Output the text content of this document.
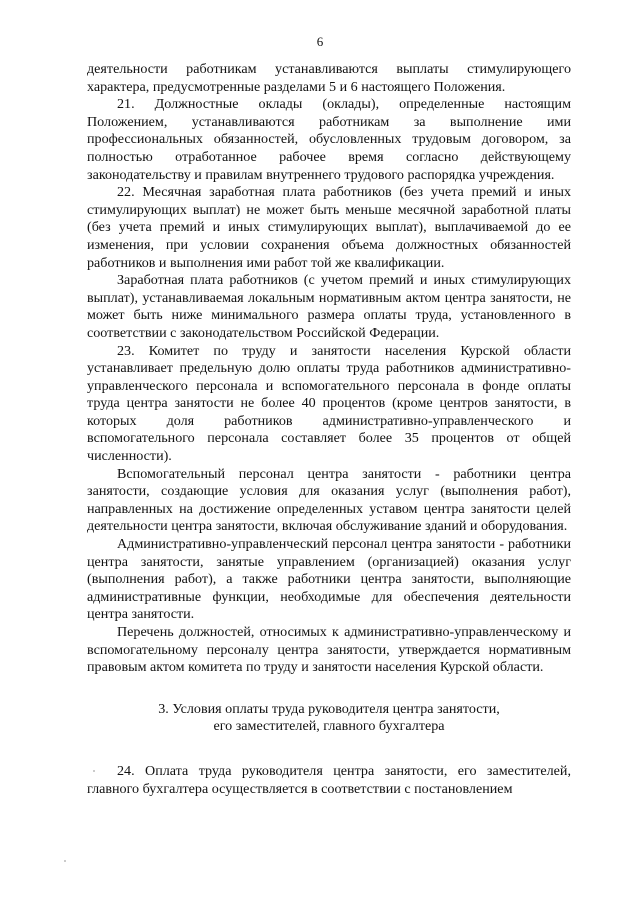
6

деятельности работникам устанавливаются выплаты стимулирующего характера, предусмотренные разделами 5 и 6 настоящего Положения.

21. Должностные оклады (оклады), определенные настоящим Положением, устанавливаются работникам за выполнение ими профессиональных обязанностей, обусловленных трудовым договором, за полностью отработанное рабочее время согласно действующему законодательству и правилам внутреннего трудового распорядка учреждения.

22. Месячная заработная плата работников (без учета премий и иных стимулирующих выплат) не может быть меньше месячной заработной платы (без учета премий и иных стимулирующих выплат), выплачиваемой до ее изменения, при условии сохранения объема должностных обязанностей работников и выполнения ими работ той же квалификации.

Заработная плата работников (с учетом премий и иных стимулирующих выплат), устанавливаемая локальным нормативным актом центра занятости, не может быть ниже минимального размера оплаты труда, установленного в соответствии с законодательством Российской Федерации.

23. Комитет по труду и занятости населения Курской области устанавливает предельную долю оплаты труда работников административно-управленческого персонала и вспомогательного персонала в фонде оплаты труда центра занятости не более 40 процентов (кроме центров занятости, в которых доля работников административно-управленческого и вспомогательного персонала составляет более 35 процентов от общей численности).

Вспомогательный персонал центра занятости - работники центра занятости, создающие условия для оказания услуг (выполнения работ), направленных на достижение определенных уставом центра занятости целей деятельности центра занятости, включая обслуживание зданий и оборудования.

Административно-управленческий персонал центра занятости - работники центра занятости, занятые управлением (организацией) оказания услуг (выполнения работ), а также работники центра занятости, выполняющие административные функции, необходимые для обеспечения деятельности центра занятости.

Перечень должностей, относимых к административно-управленческому и вспомогательному персоналу центра занятости, утверждается нормативным правовым актом комитета по труду и занятости населения Курской области.

3. Условия оплаты труда руководителя центра занятости,
его заместителей, главного бухгалтера

24. Оплата труда руководителя центра занятости, его заместителей, главного бухгалтера осуществляется в соответствии с постановлением
